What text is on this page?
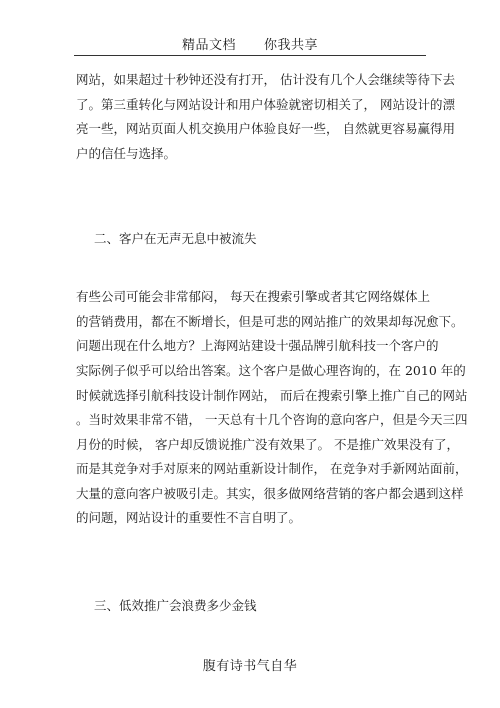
精品文档 你我共享
网站，如果超过十秒钟还没有打开， 估计没有几个人会继续等待下去
了。第三重转化与网站设计和用户体验就密切相关了， 网站设计的漂
亮一些，网站页面人机交换用户体验良好一些， 自然就更容易赢得用
户的信任与选择。
二、客户在无声无息中被流失
有些公司可能会非常郁闷， 每天在搜索引擎或者其它网络媒体上
的营销费用，都在不断增长，但是可悲的网站推广的效果却每况愈下。
问题出现在什么地方？上海网站建设十强品牌引航科技一个客户的
实际例子似乎可以给出答案。这个客户是做心理咨询的，在 2010 年的
时候就选择引航科技设计制作网站， 而后在搜索引擎上推广自己的网站
。当时效果非常不错， 一天总有十几个咨询的意向客户，但是今天三四
月份的时候， 客户却反馈说推广没有效果了。 不是推广效果没有了，
而是其竞争对手对原来的网站重新设计制作， 在竞争对手新网站面前，
大量的意向客户被吸引走。其实，很多做网络营销的客户都会遇到这样
的问题，网站设计的重要性不言自明了。
三、低效推广会浪费多少金钱
腹有诗书气自华
